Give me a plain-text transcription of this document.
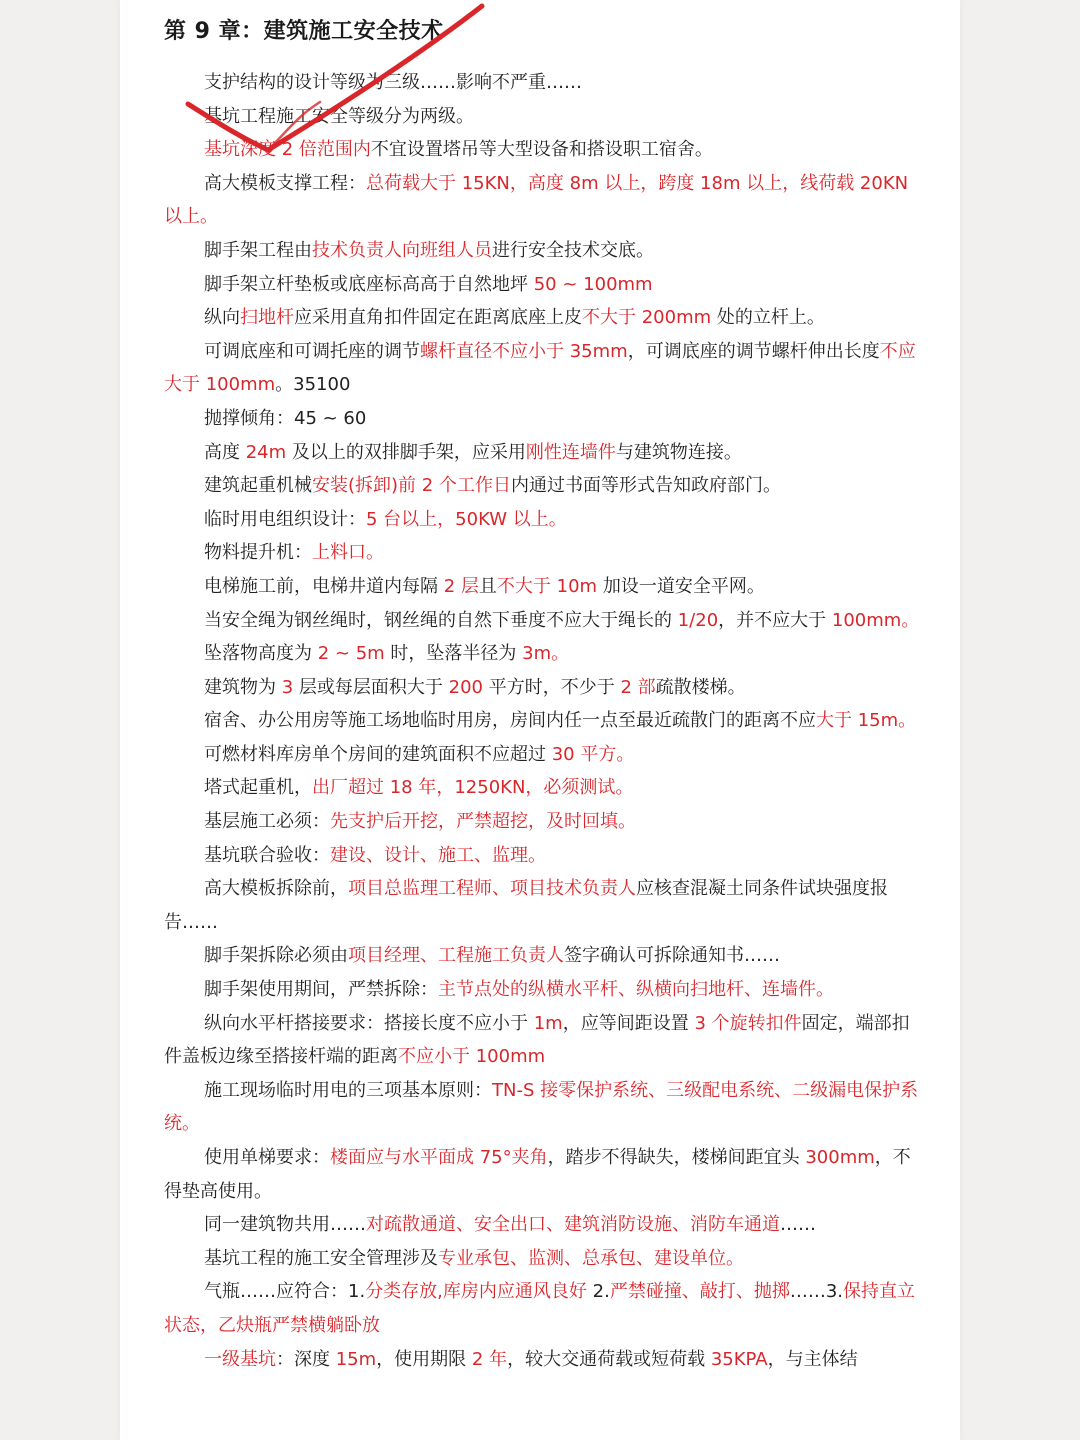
第 9 章：建筑施工安全技术

支护结构的设计等级为三级……影响不严重……

基坑工程施工安全等级分为两级。

基坑深度 2 倍范围内不宜设置塔吊等大型设备和搭设职工宿舍。

高大模板支撑工程：总荷载大于 15KN，高度 8m 以上，跨度 18m 以上，线荷载 20KN 以上。

脚手架工程由技术负责人向班组人员进行安全技术交底。

脚手架立杆垫板或底座标高高于自然地坪 50 ~ 100mm

纵向扫地杆应采用直角扣件固定在距离底座上皮不大于 200mm 处的立杆上。

可调底座和可调托座的调节螺杆直径不应小于 35mm，可调底座的调节螺杆伸出长度不应大于 100mm。35100

抛撑倾角：45 ~ 60

高度 24m 及以上的双排脚手架，应采用刚性连墙件与建筑物连接。

建筑起重机械安装(拆卸)前 2 个工作日内通过书面等形式告知政府部门。

临时用电组织设计：5 台以上，50KW 以上。

物料提升机：上料口。

电梯施工前，电梯井道内每隔 2 层且不大于 10m 加设一道安全平网。

当安全绳为钢丝绳时，钢丝绳的自然下垂度不应大于绳长的 1/20，并不应大于 100mm。

坠落物高度为 2 ~ 5m 时，坠落半径为 3m。

建筑物为 3 层或每层面积大于 200 平方时，不少于 2 部疏散楼梯。

宿舍、办公用房等施工场地临时用房，房间内任一点至最近疏散门的距离不应大于 15m。

可燃材料库房单个房间的建筑面积不应超过 30 平方。

塔式起重机，出厂超过 18 年，1250KN，必须测试。

基层施工必须：先支护后开挖，严禁超挖，及时回填。

基坑联合验收：建设、设计、施工、监理。

高大模板拆除前，项目总监理工程师、项目技术负责人应核查混凝土同条件试块强度报告……

脚手架拆除必须由项目经理、工程施工负责人签字确认可拆除通知书……

脚手架使用期间，严禁拆除：主节点处的纵横水平杆、纵横向扫地杆、连墙件。

纵向水平杆搭接要求：搭接长度不应小于 1m，应等间距设置 3 个旋转扣件固定，端部扣件盖板边缘至搭接杆端的距离不应小于 100mm

施工现场临时用电的三项基本原则：TN-S 接零保护系统、三级配电系统、二级漏电保护系统。

使用单梯要求：楼面应与水平面成 75°夹角，踏步不得缺失，楼梯间距宜头 300mm，不得垫高使用。

同一建筑物共用……对疏散通道、安全出口、建筑消防设施、消防车通道……

基坑工程的施工安全管理涉及专业承包、监测、总承包、建设单位。

气瓶……应符合：1.分类存放,库房内应通风良好 2.严禁碰撞、敲打、抛掷……3.保持直立状态，乙炔瓶严禁横躺卧放

一级基坑：深度 15m，使用期限 2 年，较大交通荷载或短荷载 35KPA，与主体结
